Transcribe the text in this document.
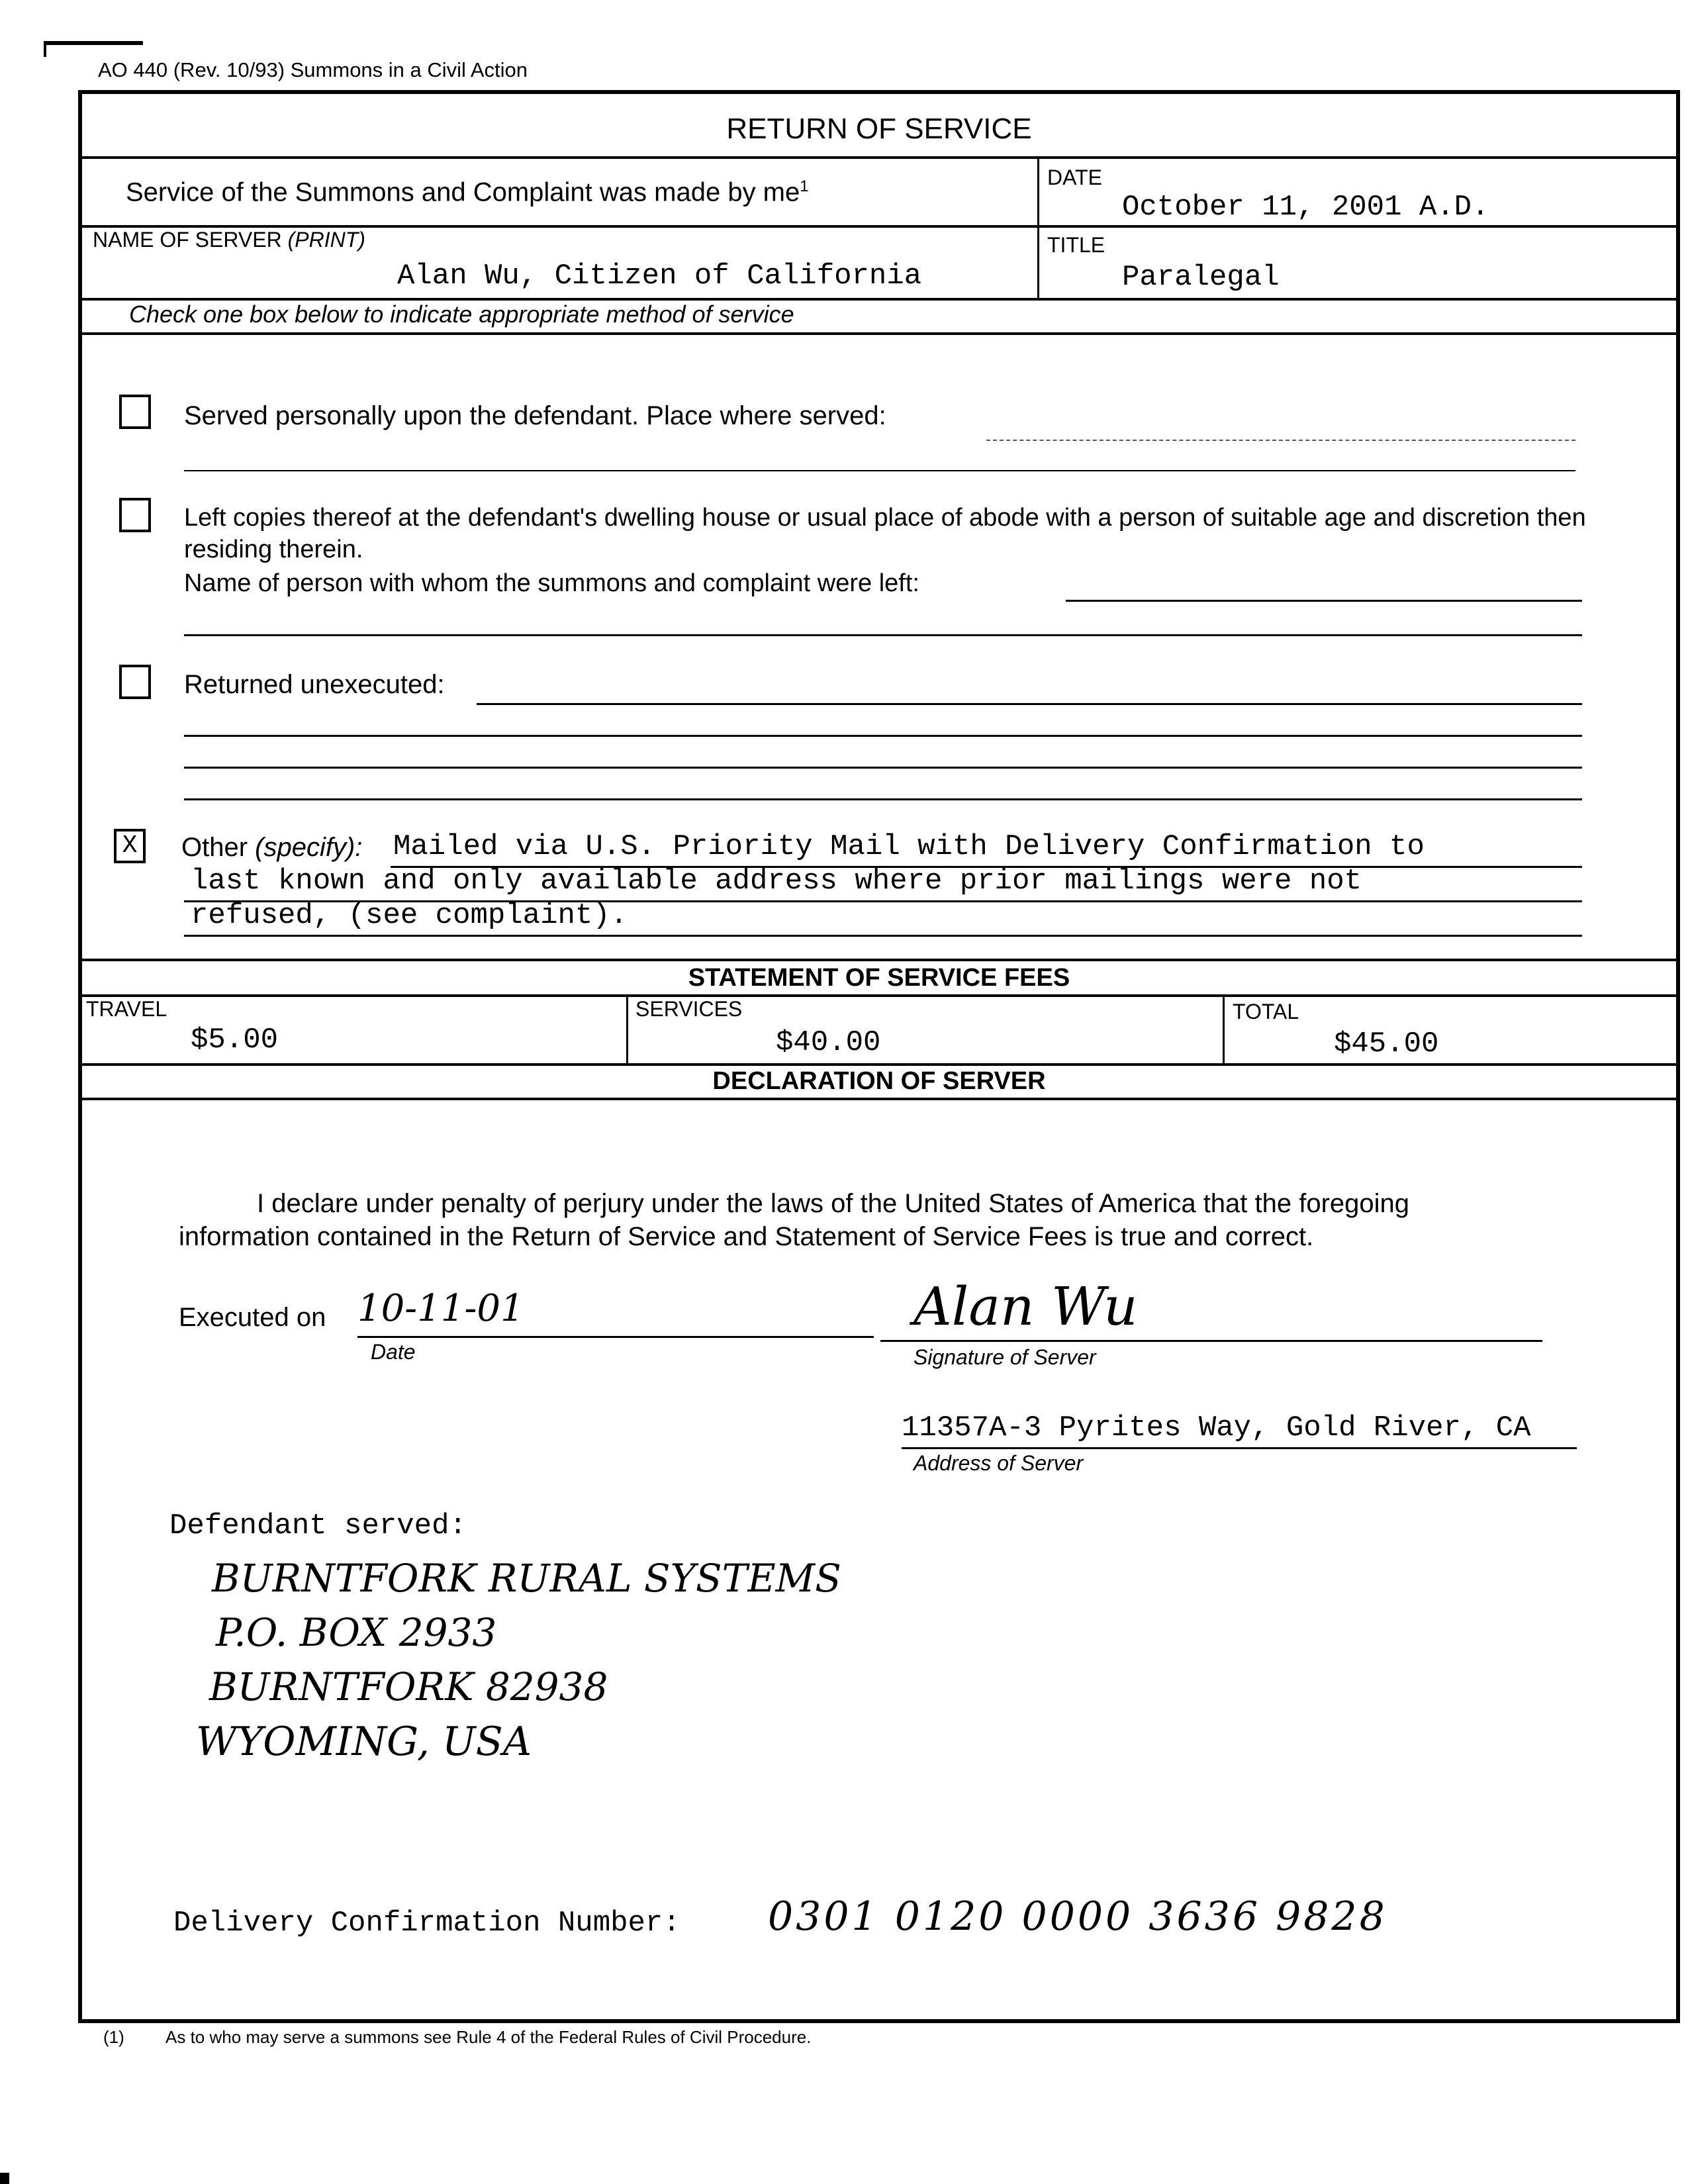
AO 440 (Rev. 10/93) Summons in a Civil Action
RETURN OF SERVICE
Service of the Summons and Complaint was made by $me^1$	DATE
October 11, 2001 A.D.
NAME OF SERVER (PRINT)
Alan Wu, Citizen of California
TITLE
Paralegal
Check one box below to indicate appropriate method of service
Served personally upon the defendant. Place where served:
Left copies thereof at the defendant's dwelling house or usual place of abode with a person of suitable age and discretion then residing therein.
Name of person with whom the summons and complaint were left:
Returned unexecuted:
X	Other (specify): Mailed via U.S. Priority Mail with Delivery Confirmation to
last known and only available address where prior mailings were not
refused, (see complaint).
STATEMENT OF SERVICE FEES
TRAVEL
$5.00
SERVICES
$40.00
TOTAL
$45.00
DECLARATION OF SERVER
I declare under penalty of perjury under the laws of the United States of America that the foregoing
information contained in the Return of Service and Statement of Service Fees is true and correct.
Executed on 10-11-01
Date
Alan Wu
Signature of Server
11357A-3 Pyrites Way, Gold River, CA
Address of Server
Defendant served:
BURNTFORK RURAL SYSTEMS
P.O. BOX 2933
BURNTFORK 82938
WYOMING, USA
Delivery Confirmation Number: 0301 0120 0000 3636 9828
(1) As to who may serve a summons see Rule 4 of the Federal Rules of Civil Procedure.
